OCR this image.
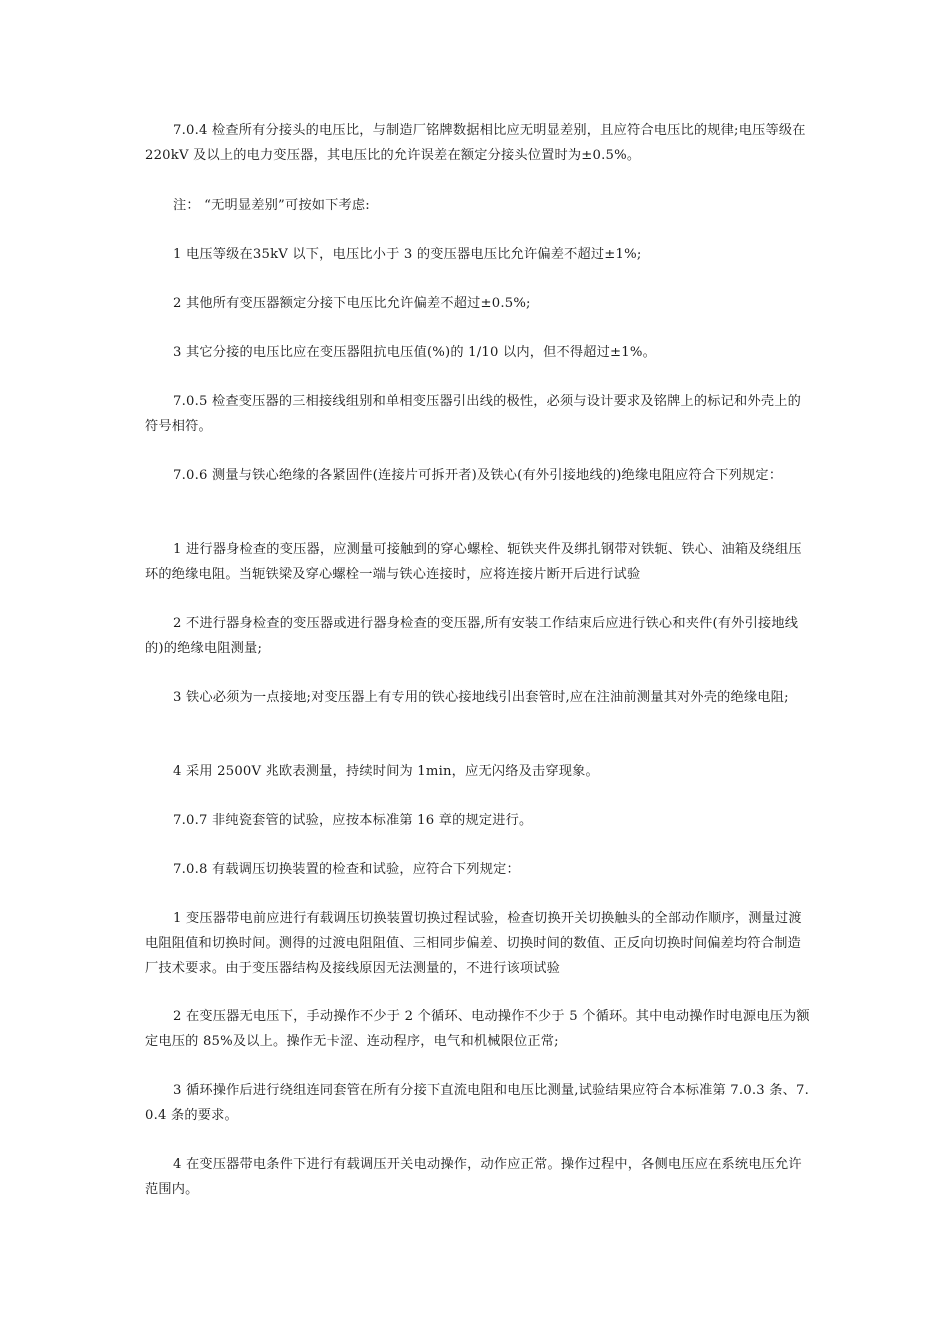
7.0.4 检查所有分接头的电压比，与制造厂铭牌数据相比应无明显差别，且应符合电压比的规律;电压等级在 220kV 及以上的电力变压器，其电压比的允许误差在额定分接头位置时为±0.5%。

注： “无明显差别”可按如下考虑:

1 电压等级在35kV 以下，电压比小于 3 的变压器电压比允许偏差不超过±1%;

2 其他所有变压器额定分接下电压比允许偏差不超过±0.5%;

3 其它分接的电压比应在变压器阻抗电压值(%)的 1/10 以内，但不得超过±1%。

7.0.5 检查变压器的三相接线组别和单相变压器引出线的极性，必须与设计要求及铭牌上的标记和外壳上的符号相符。

7.0.6 测量与铁心绝缘的各紧固件(连接片可拆开者)及铁心(有外引接地线的)绝缘电阻应符合下列规定：

1 进行器身检查的变压器，应测量可接触到的穿心螺栓、轭铁夹件及绑扎钢带对铁轭、铁心、油箱及绕组压环的绝缘电阻。当轭铁梁及穿心螺栓一端与铁心连接时，应将连接片断开后进行试验

2 不进行器身检查的变压器或进行器身检查的变压器,所有安装工作结束后应进行铁心和夹件(有外引接地线的)的绝缘电阻测量;

3 铁心必须为一点接地;对变压器上有专用的铁心接地线引出套管时,应在注油前测量其对外壳的绝缘电阻;

4 采用 2500V 兆欧表测量，持续时间为 1min，应无闪络及击穿现象。

7.0.7 非纯瓷套管的试验，应按本标准第 16 章的规定进行。

7.0.8 有载调压切换装置的检查和试验，应符合下列规定：

1 变压器带电前应进行有载调压切换装置切换过程试验，检查切换开关切换触头的全部动作顺序，测量过渡电阻阻值和切换时间。测得的过渡电阻阻值、三相同步偏差、切换时间的数值、正反向切换时间偏差均符合制造厂技术要求。由于变压器结构及接线原因无法测量的，不进行该项试验

2 在变压器无电压下，手动操作不少于 2 个循环、电动操作不少于 5 个循环。其中电动操作时电源电压为额定电压的 85%及以上。操作无卡涩、连动程序，电气和机械限位正常;

3 循环操作后进行绕组连同套管在所有分接下直流电阻和电压比测量,试验结果应符合本标准第 7.0.3 条、7.0.4 条的要求。

4 在变压器带电条件下进行有载调压开关电动操作，动作应正常。操作过程中，各侧电压应在系统电压允许范围内。
